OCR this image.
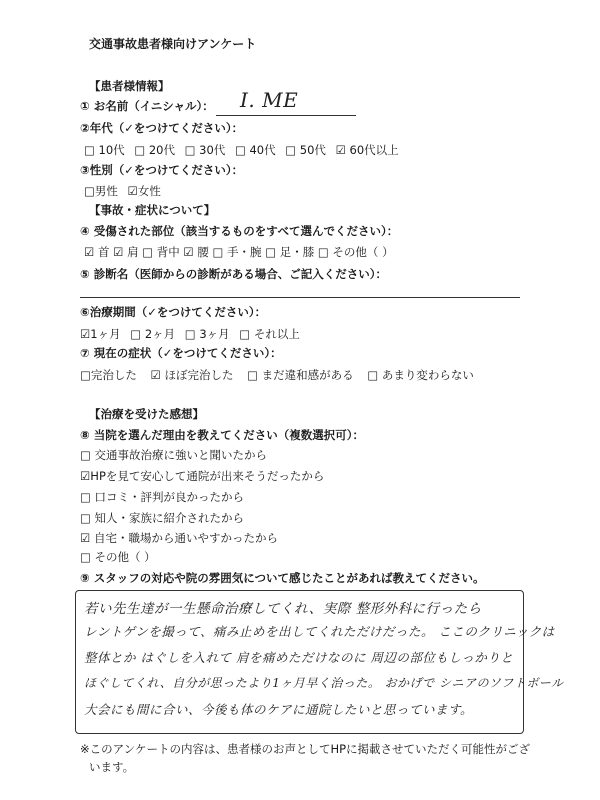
交通事故患者様向けアンケート
【患者様情報】
① お名前（イニシャル）： I. ME
②年代（✓をつけてください）：
□ 10代 □ 20代 □ 30代 □ 40代 □ 50代 ☑ 60代以上
③性別（✓をつけてください）：
□男性 ☑女性
【事故・症状について】
④ 受傷された部位（該当するものをすべて選んでください）：
☑ 首 ☑ 肩 □ 背中 ☑ 腰 □ 手・腕 □ 足・膝 □ その他（ ）
⑤ 診断名（医師からの診断がある場合、ご記入ください）：
⑥治療期間（✓をつけてください）：
☑1ヶ月 □ 2ヶ月 □ 3ヶ月 □ それ以上
⑦ 現在の症状（✓をつけてください）：
□完治した ☑ ほぼ完治した □ まだ違和感がある □ あまり変わらない
【治療を受けた感想】
⑧ 当院を選んだ理由を教えてください（複数選択可）：
□ 交通事故治療に強いと聞いたから
☑HPを見て安心して通院が出来そうだったから
□ 口コミ・評判が良かったから
□ 知人・家族に紹介されたから
☑ 自宅・職場から通いやすかったから
□ その他（ ）
⑨ スタッフの対応や院の雰囲気について感じたことがあれば教えてください。
若い先生達が一生懸命治療してくれ、実際 整形外科に行ったら
レントゲンを撮って、痛み止めを出してくれただけだった。 ここのクリニックは
整体とか はぐしを入れて 肩を痛めただけなのに 周辺の部位もしっかりと
ほぐしてくれ、自分が思ったより1ヶ月早く治った。 おかげで シニアのソフトボール
大会にも間に合い、今後も体のケアに通院したいと思っています。
※このアンケートの内容は、患者様のお声としてHPに掲載させていただく可能性がござ
います。
